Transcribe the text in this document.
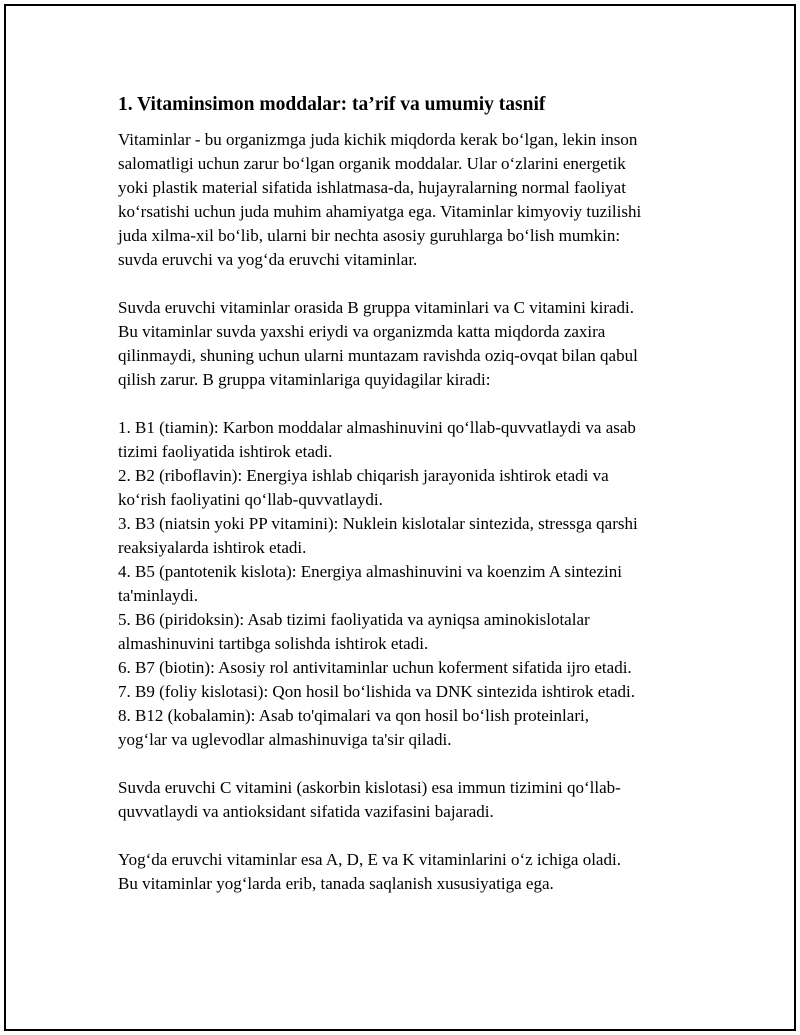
1. Vitaminsimon moddalar: ta’rif va umumiy tasnif

Vitaminlar - bu organizmga juda kichik miqdorda kerak bo‘lgan, lekin inson
salomatligi uchun zarur bo‘lgan organik moddalar. Ular o‘zlarini energetik
yoki plastik material sifatida ishlatmasa-da, hujayralarning normal faoliyat
ko‘rsatishi uchun juda muhim ahamiyatga ega. Vitaminlar kimyoviy tuzilishi
juda xilma-xil bo‘lib, ularni bir nechta asosiy guruhlarga bo‘lish mumkin:
suvda eruvchi va yog‘da eruvchi vitaminlar.

Suvda eruvchi vitaminlar orasida B gruppa vitaminlari va C vitamini kiradi.
Bu vitaminlar suvda yaxshi eriydi va organizmda katta miqdorda zaxira
qilinmaydi, shuning uchun ularni muntazam ravishda oziq-ovqat bilan qabul
qilish zarur. B gruppa vitaminlariga quyidagilar kiradi:

1. B1 (tiamin): Karbon moddalar almashinuvini qo‘llab-quvvatlaydi va asab
tizimi faoliyatida ishtirok etadi.
2. B2 (riboflavin): Energiya ishlab chiqarish jarayonida ishtirok etadi va
ko‘rish faoliyatini qo‘llab-quvvatlaydi.
3. B3 (niatsin yoki PP vitamini): Nuklein kislotalar sintezida, stressga qarshi
reaksiyalarda ishtirok etadi.
4. B5 (pantotenik kislota): Energiya almashinuvini va koenzim A sintezini
ta'minlaydi.
5. B6 (piridoksin): Asab tizimi faoliyatida va ayniqsa aminokislotalar
almashinuvini tartibga solishda ishtirok etadi.
6. B7 (biotin): Asosiy rol antivitaminlar uchun koferment sifatida ijro etadi.
7. B9 (foliy kislotasi): Qon hosil bo‘lishida va DNK sintezida ishtirok etadi.
8. B12 (kobalamin): Asab to'qimalari va qon hosil bo‘lish proteinlari,
yog‘lar va uglevodlar almashinuviga ta'sir qiladi.

Suvda eruvchi C vitamini (askorbin kislotasi) esa immun tizimini qo‘llab-
quvvatlaydi va antioksidant sifatida vazifasini bajaradi.

Yog‘da eruvchi vitaminlar esa A, D, E va K vitaminlarini o‘z ichiga oladi.
Bu vitaminlar yog‘larda erib, tanada saqlanish xususiyatiga ega.
